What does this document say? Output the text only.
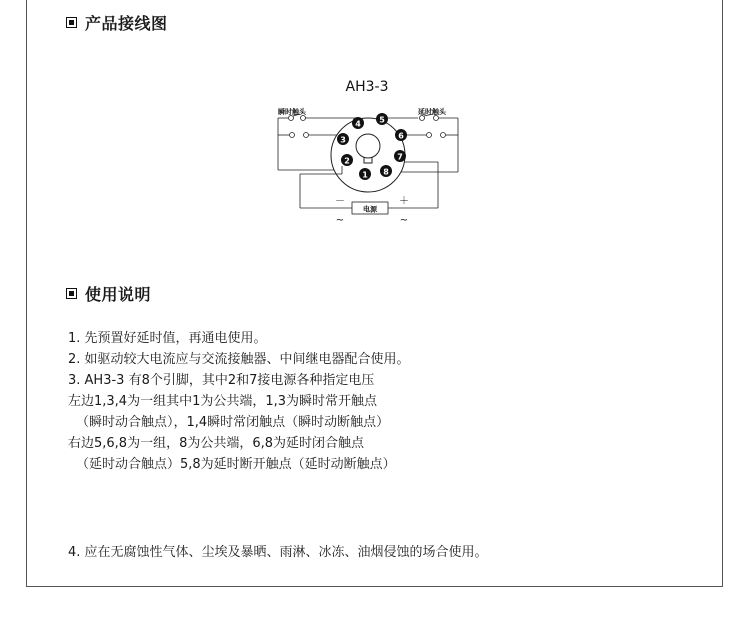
产品接线图
AH3-3
瞬时触头	延时触头
1
2
3
4 5
6
7
8
电源
－	＋
~	~
使用说明
1. 先预置好延时值，再通电使用。
2. 如驱动较大电流应与交流接触器、中间继电器配合使用。
3. AH3-3 有8个引脚，其中2和7接电源各种指定电压
左边1,3,4为一组其中1为公共端，1,3为瞬时常开触点
（瞬时动合触点），1,4瞬时常闭触点（瞬时动断触点）
右边5,6,8为一组，8为公共端，6,8为延时闭合触点
（延时动合触点）5,8为延时断开触点（延时动断触点）
4. 应在无腐蚀性气体、尘埃及暴晒、雨淋、冰冻、油烟侵蚀的场合使用。
